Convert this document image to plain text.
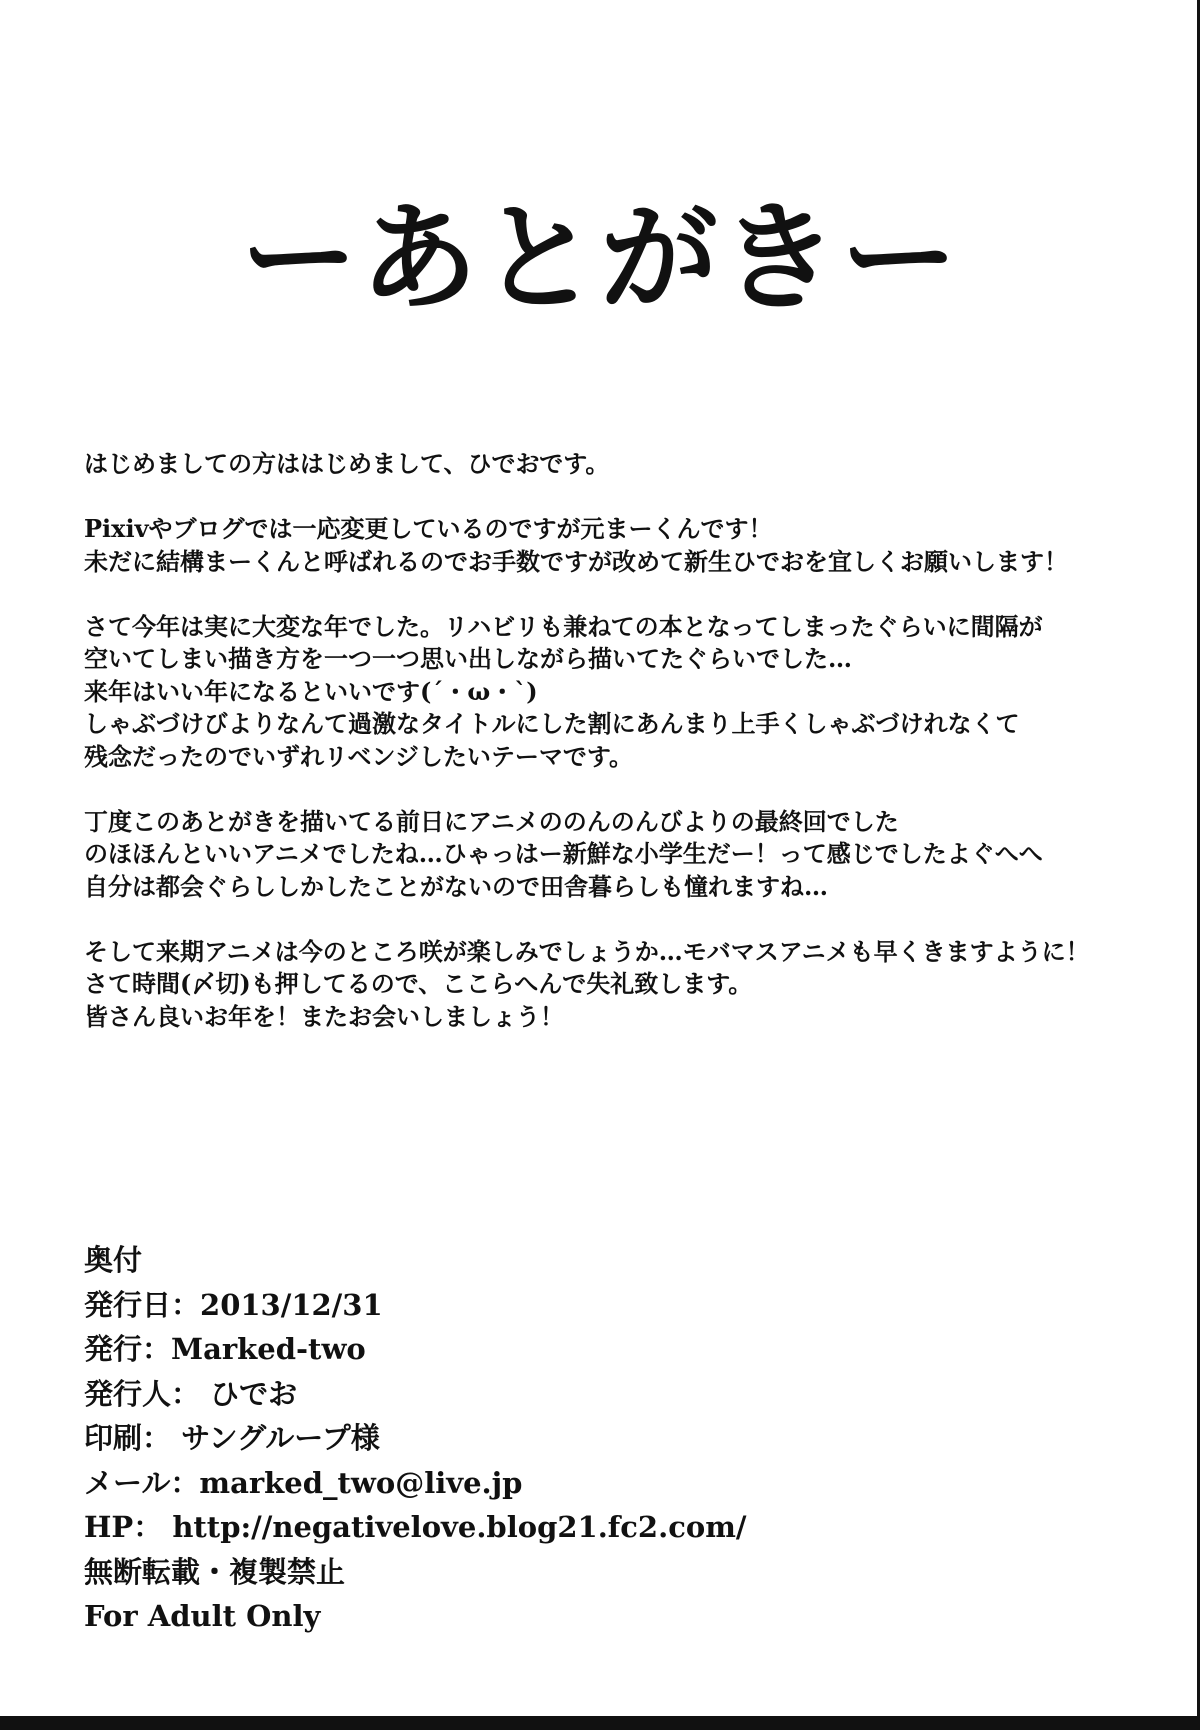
ーあとがきー
はじめましての方ははじめまして、ひでおです。
Pixivやブログでは一応変更しているのですが元まーくんです！
未だに結構まーくんと呼ばれるのでお手数ですが改めて新生ひでおを宜しくお願いします！
さて今年は実に大変な年でした。リハビリも兼ねての本となってしまったぐらいに間隔が
空いてしまい描き方を一つ一つ思い出しながら描いてたぐらいでした…
来年はいい年になるといいです(´・ω・`)
しゃぶづけびよりなんて過激なタイトルにした割にあんまり上手くしゃぶづけれなくて
残念だったのでいずれリベンジしたいテーマです。
丁度このあとがきを描いてる前日にアニメののんのんびよりの最終回でした
のほほんといいアニメでしたね…ひゃっはー新鮮な小学生だー！って感じでしたよぐへへ
自分は都会ぐらししかしたことがないので田舎暮らしも憧れますね…
そして来期アニメは今のところ咲が楽しみでしょうか…モバマスアニメも早くきますように！
さて時間(〆切)も押してるので、ここらへんで失礼致します。
皆さん良いお年を！またお会いしましょう！
奥付
発行日：2013/12/31
発行：Marked-two
発行人： ひでお
印刷： サングループ様
メール：marked_two@live.jp
HP： http://negativelove.blog21.fc2.com/
無断転載・複製禁止
For Adult Only
